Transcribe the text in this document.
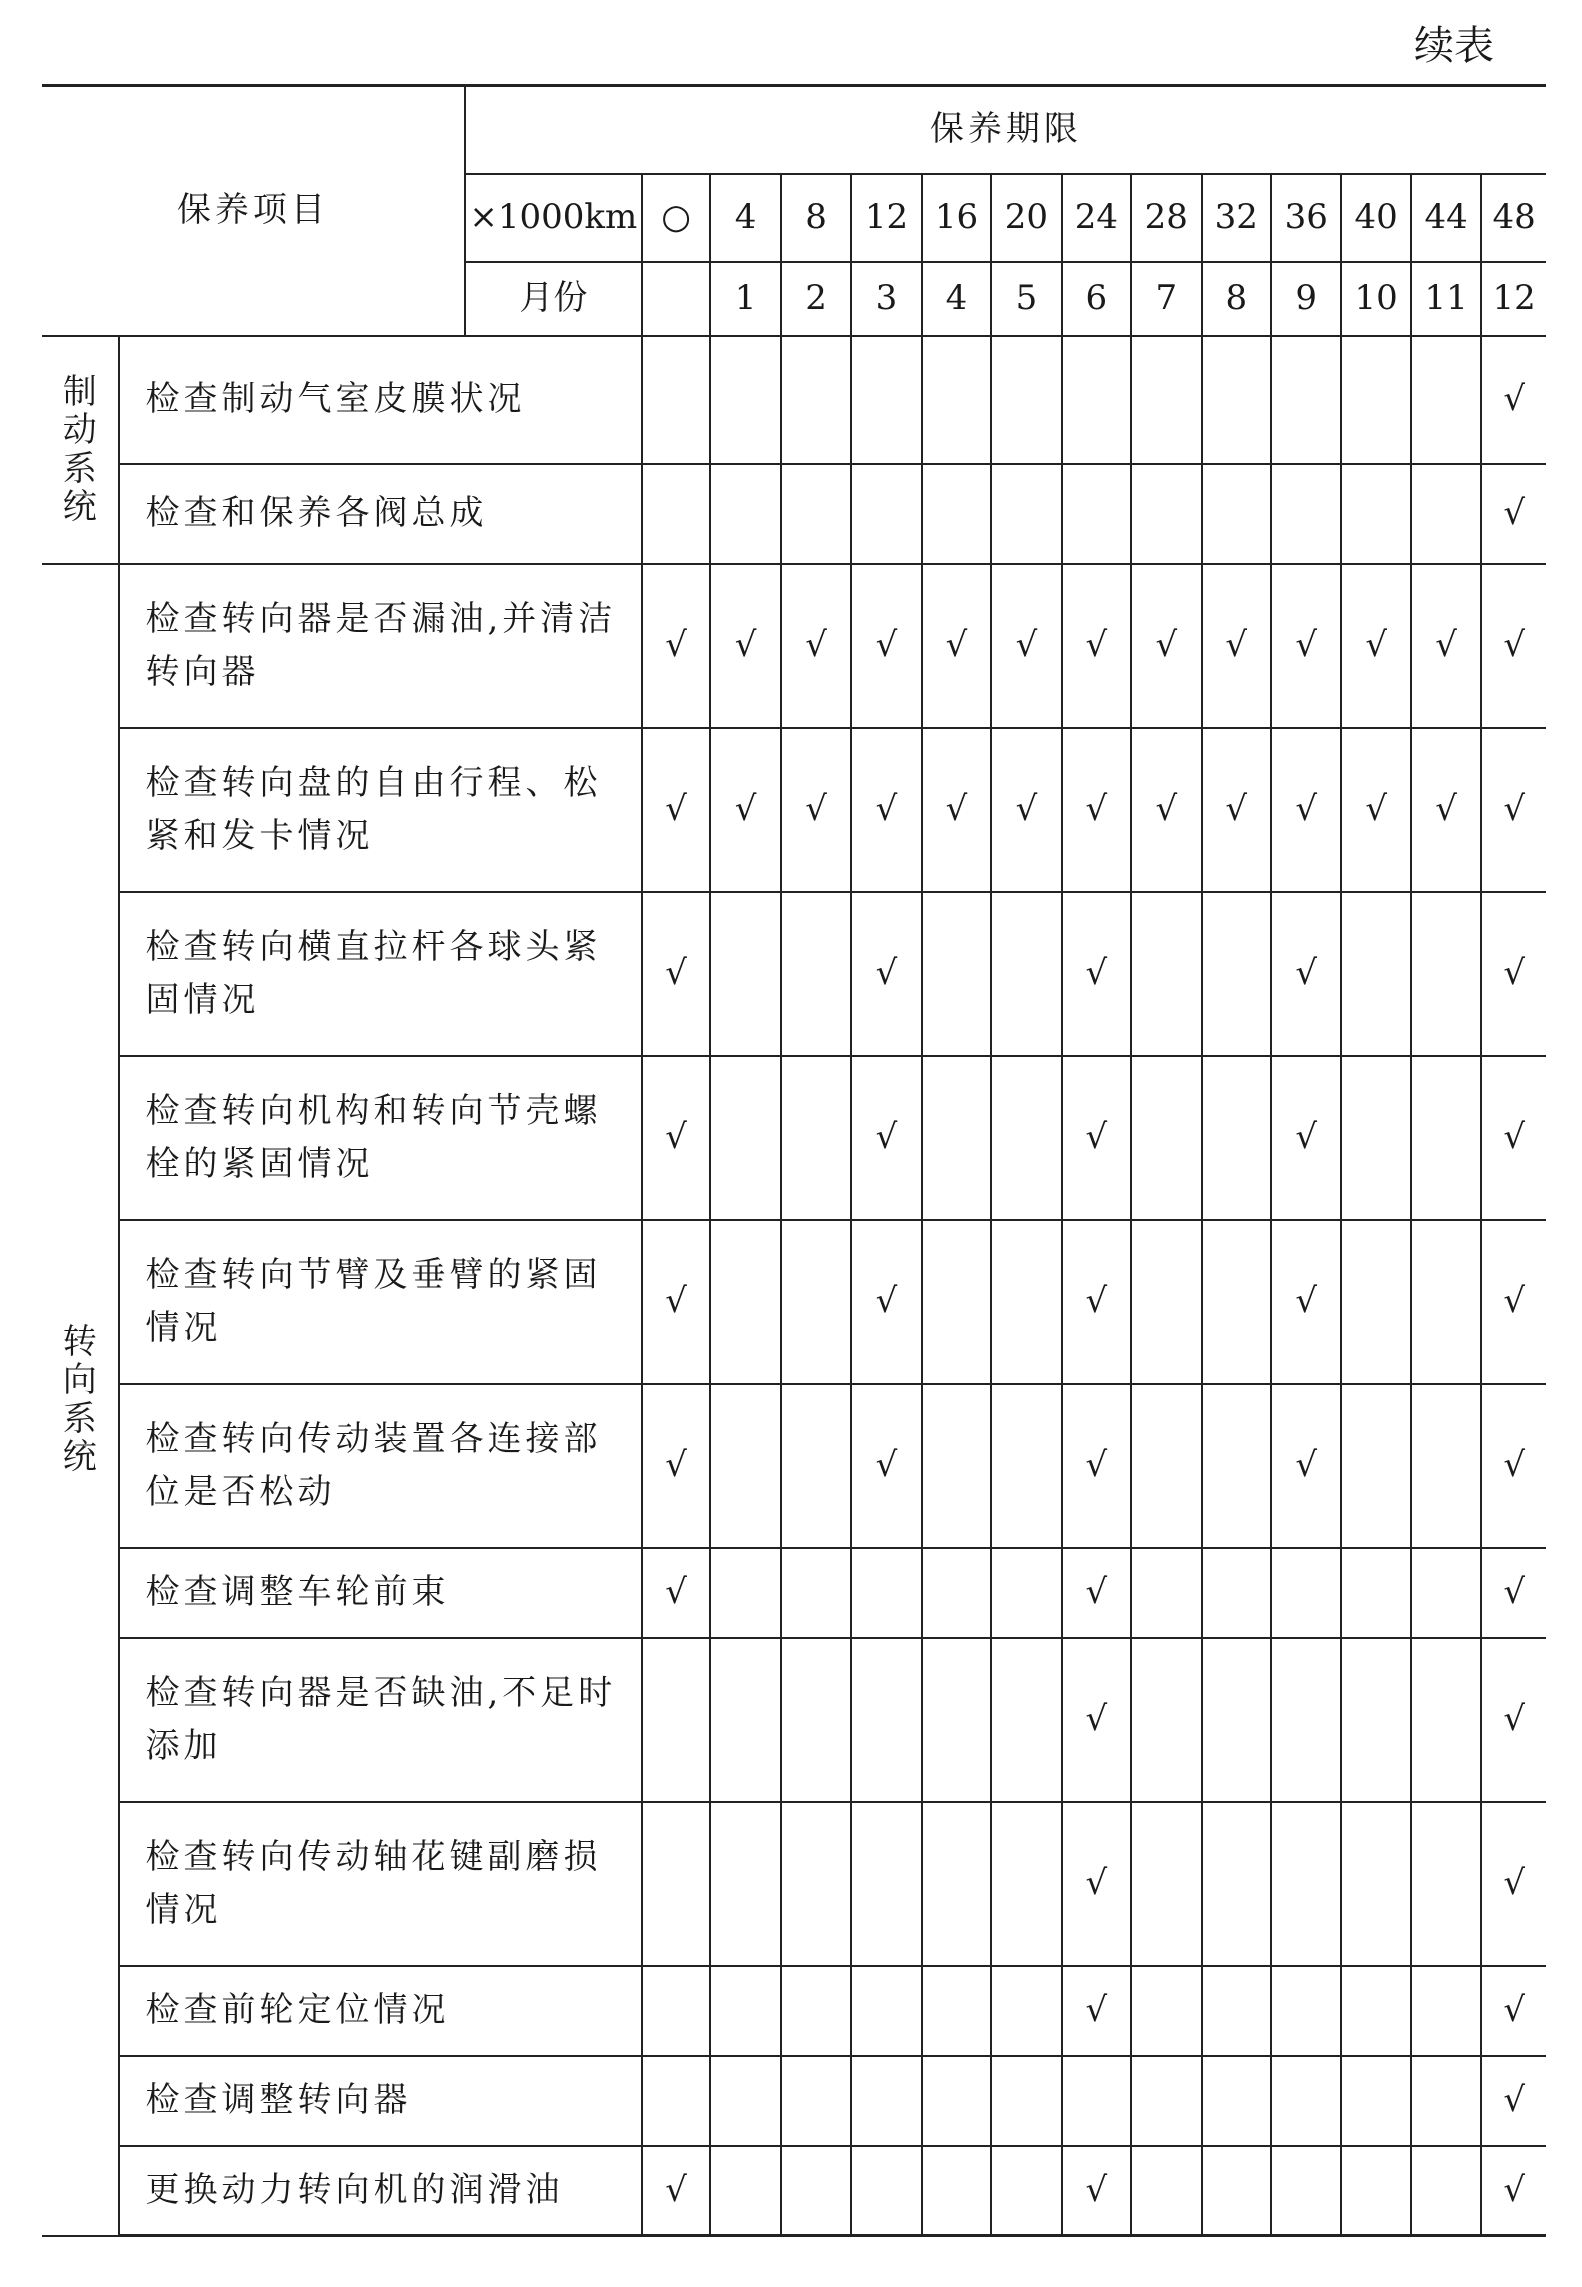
续表
保养项目		保养期限													
		×1000km	○	4	8	12	16	20	24	28	32	36	40	44	48
		月份		1	2	3	4	5	6	7	8	9	10	11	12
制动系统	检查制动气室皮膜状况														√
	检查和保养各阀总成														√
转向系统	检查转向器是否漏油,并清洁转向器		√	√	√	√	√	√	√	√	√	√	√	√	√
	检查转向盘的自由行程、松紧和发卡情况		√	√	√	√	√	√	√	√	√	√	√	√	√
	检查转向横直拉杆各球头紧固情况		√			√			√			√			√
	检查转向机构和转向节壳螺栓的紧固情况		√			√			√			√			√
	检查转向节臂及垂臂的紧固情况		√			√			√			√			√
	检查转向传动装置各连接部位是否松动		√			√			√			√			√
	检查调整车轮前束		√						√						√
	检查转向器是否缺油,不足时添加								√						√
	检查转向传动轴花键副磨损情况								√						√
	检查前轮定位情况								√						√
	检查调整转向器														√
	更换动力转向机的润滑油		√						√						√
